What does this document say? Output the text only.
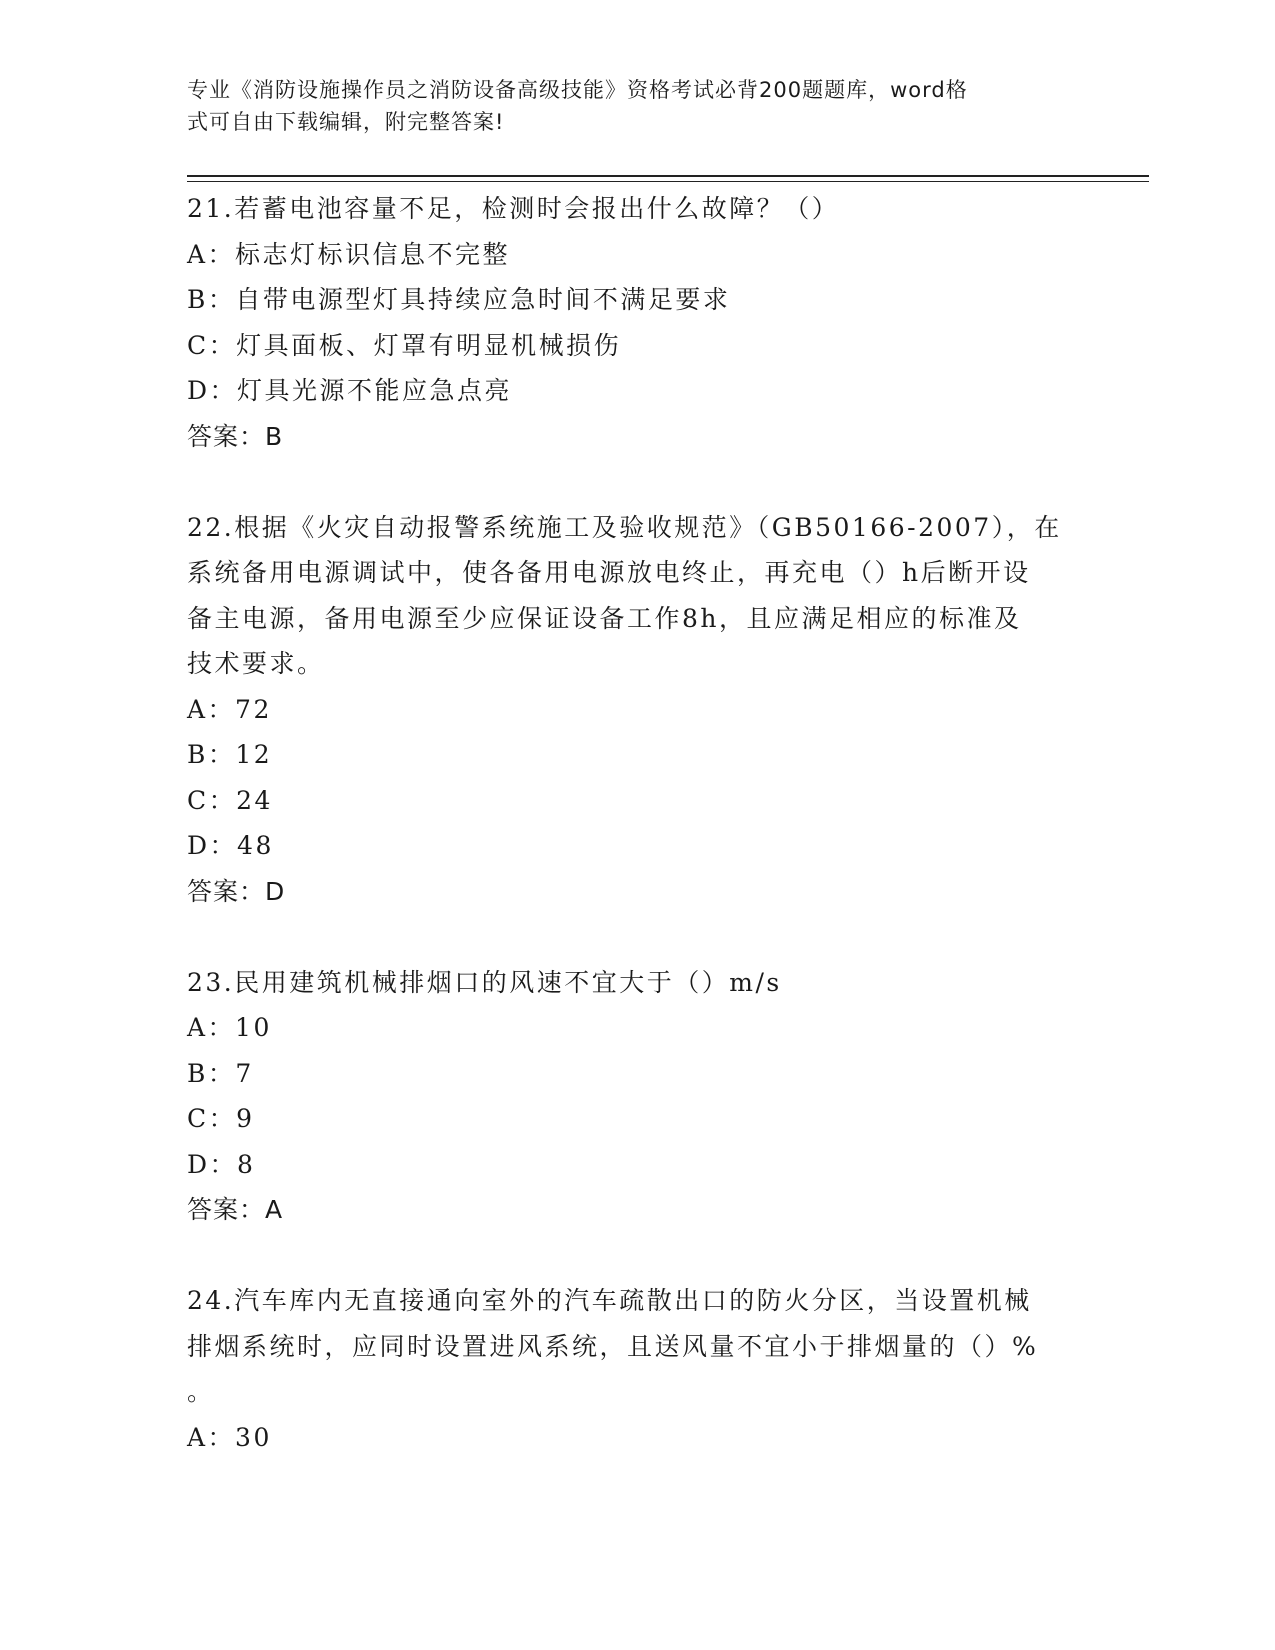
专业《消防设施操作员之消防设备高级技能》资格考试必背200题题库，word格
式可自由下载编辑，附完整答案!

21.若蓄电池容量不足，检测时会报出什么故障？（）

A：标志灯标识信息不完整

B：自带电源型灯具持续应急时间不满足要求

C：灯具面板、灯罩有明显机械损伤

D：灯具光源不能应急点亮

答案：B

22.根据《火灾自动报警系统施工及验收规范》（GB50166-2007），在

系统备用电源调试中，使各备用电源放电终止，再充电（）h后断开设

备主电源，备用电源至少应保证设备工作8h，且应满足相应的标准及

技术要求。

A：72

B：12

C：24

D：48

答案：D

23.民用建筑机械排烟口的风速不宜大于（）m/s

A：10

B：7

C：9

D：8

答案：A

24.汽车库内无直接通向室外的汽车疏散出口的防火分区，当设置机械

排烟系统时，应同时设置进风系统，且送风量不宜小于排烟量的（）%

。

A：30
